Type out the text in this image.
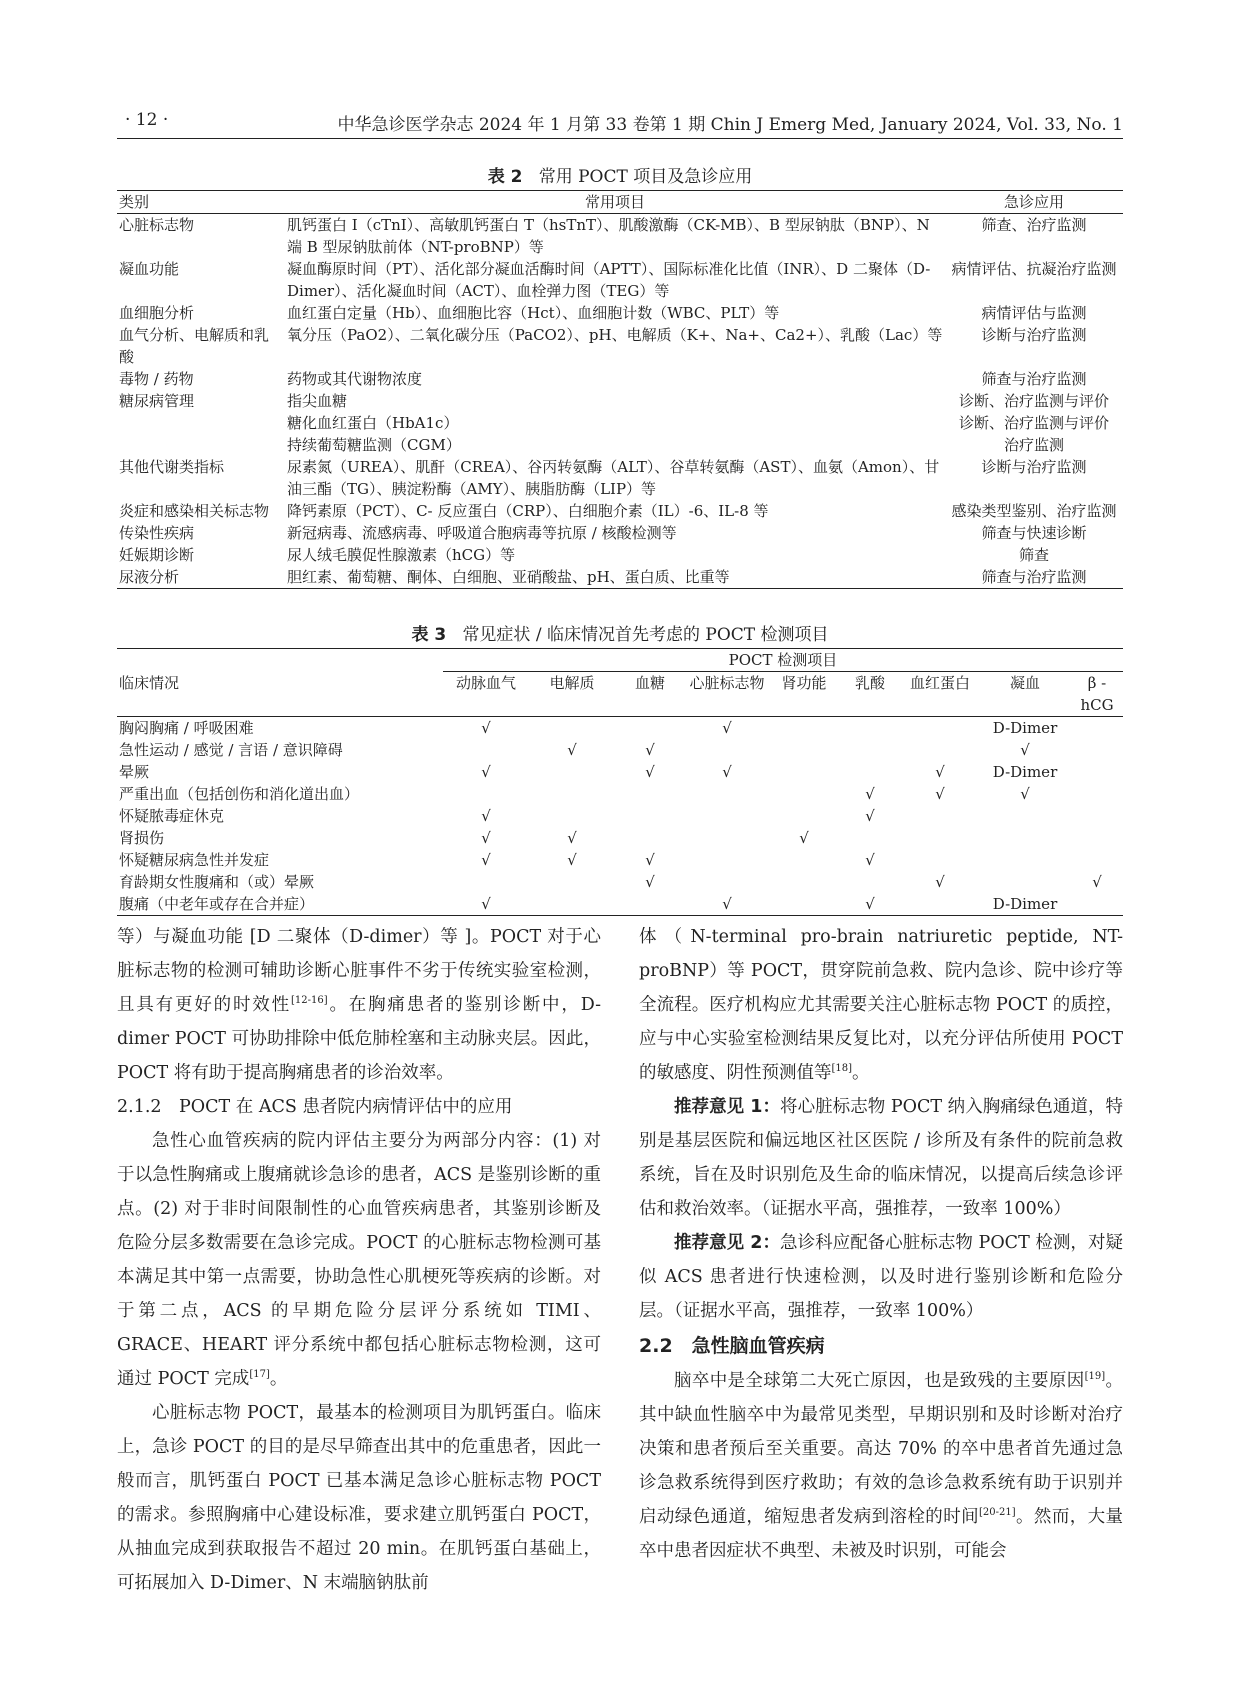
· 12 ·	中华急诊医学杂志 2024 年 1 月第 33 卷第 1 期 Chin J Emerg Med, January 2024, Vol. 33, No. 1
表 2 常用 POCT 项目及急诊应用
类别	常用项目	急诊应用
心脏标志物	肌钙蛋白 I（cTnI）、高敏肌钙蛋白 T（hsTnT）、肌酸激酶（CK-MB）、B 型尿钠肽（BNP）、N 端 B 型尿钠肽前体（NT-proBNP）等	筛查、治疗监测
凝血功能	凝血酶原时间（PT）、活化部分凝血活酶时间（APTT）、国际标准化比值（INR）、D 二聚体（D-Dimer）、活化凝血时间（ACT）、血栓弹力图（TEG）等	病情评估、抗凝治疗监测
血细胞分析	血红蛋白定量（Hb）、血细胞比容（Hct）、血细胞计数（WBC、PLT）等	病情评估与监测
血气分析、电解质和乳酸	氧分压（PaO2）、二氧化碳分压（PaCO2）、pH、电解质（K+、Na+、Ca2+）、乳酸（Lac）等	诊断与治疗监测
毒物 / 药物	药物或其代谢物浓度	筛查与治疗监测
糖尿病管理	指尖血糖	诊断、治疗监测与评价
	糖化血红蛋白（HbA1c）	诊断、治疗监测与评价
	持续葡萄糖监测（CGM）	治疗监测
其他代谢类指标	尿素氮（UREA）、肌酐（CREA）、谷丙转氨酶（ALT）、谷草转氨酶（AST）、血氨（Amon）、甘油三酯（TG）、胰淀粉酶（AMY）、胰脂肪酶（LIP）等	诊断与治疗监测
炎症和感染相关标志物	降钙素原（PCT）、C- 反应蛋白（CRP）、白细胞介素（IL）-6、IL-8 等	感染类型鉴别、治疗监测
传染性疾病	新冠病毒、流感病毒、呼吸道合胞病毒等抗原 / 核酸检测等	筛查与快速诊断
妊娠期诊断	尿人绒毛膜促性腺激素（hCG）等	筛查
尿液分析	胆红素、葡萄糖、酮体、白细胞、亚硝酸盐、pH、蛋白质、比重等	筛查与治疗监测
表 3 常见症状 / 临床情况首先考虑的 POCT 检测项目
临床情况	POCT 检测项目								
	动脉血气	电解质	血糖	心脏标志物	肾功能	乳酸	血红蛋白	凝血	β -hCG
胸闷胸痛 / 呼吸困难	√			√				D-Dimer	
急性运动 / 感觉 / 言语 / 意识障碍		√	√					√	
晕厥	√		√	√			√	D-Dimer	
严重出血（包括创伤和消化道出血）						√	√	√	
怀疑脓毒症休克	√					√			
肾损伤	√	√			√				
怀疑糖尿病急性并发症	√	√	√			√			
育龄期女性腹痛和（或）晕厥			√				√		√
腹痛（中老年或存在合并症）	√			√		√		D-Dimer	

等）与凝血功能 [D 二聚体（D-dimer）等 ]。POCT 对于心脏标志物的检测可辅助诊断心脏事件不劣于传统实验室检测，且具有更好的时效性[12-16]。在胸痛患者的鉴别诊断中，D-dimer POCT 可协助排除中低危肺栓塞和主动脉夹层。因此，POCT 将有助于提高胸痛患者的诊治效率。

2.1.2　POCT 在 ACS 患者院内病情评估中的应用

急性心血管疾病的院内评估主要分为两部分内容：(1) 对于以急性胸痛或上腹痛就诊急诊的患者，ACS 是鉴别诊断的重点。(2) 对于非时间限制性的心血管疾病患者，其鉴别诊断及危险分层多数需要在急诊完成。POCT 的心脏标志物检测可基本满足其中第一点需要，协助急性心肌梗死等疾病的诊断。对于第二点，ACS 的早期危险分层评分系统如 TIMI、GRACE、HEART 评分系统中都包括心脏标志物检测，这可通过 POCT 完成[17]。

心脏标志物 POCT，最基本的检测项目为肌钙蛋白。临床上，急诊 POCT 的目的是尽早筛查出其中的危重患者，因此一般而言，肌钙蛋白 POCT 已基本满足急诊心脏标志物 POCT 的需求。参照胸痛中心建设标准，要求建立肌钙蛋白 POCT，从抽血完成到获取报告不超过 20 min。在肌钙蛋白基础上，可拓展加入 D-Dimer、N 末端脑钠肽前

体（N-terminal pro-brain natriuretic peptide, NT-proBNP）等 POCT，贯穿院前急救、院内急诊、院中诊疗等全流程。医疗机构应尤其需要关注心脏标志物 POCT 的质控，应与中心实验室检测结果反复比对，以充分评估所使用 POCT 的敏感度、阴性预测值等[18]。

推荐意见 1：将心脏标志物 POCT 纳入胸痛绿色通道，特别是基层医院和偏远地区社区医院 / 诊所及有条件的院前急救系统，旨在及时识别危及生命的临床情况，以提高后续急诊评估和救治效率。（证据水平高，强推荐，一致率 100%）

推荐意见 2：急诊科应配备心脏标志物 POCT 检测，对疑似 ACS 患者进行快速检测，以及时进行鉴别诊断和危险分层。（证据水平高，强推荐，一致率 100%）

2.2　急性脑血管疾病

脑卒中是全球第二大死亡原因，也是致残的主要原因[19]。其中缺血性脑卒中为最常见类型，早期识别和及时诊断对治疗决策和患者预后至关重要。高达 70% 的卒中患者首先通过急诊急救系统得到医疗救助；有效的急诊急救系统有助于识别并启动绿色通道，缩短患者发病到溶栓的时间[20-21]。然而，大量卒中患者因症状不典型、未被及时识别，可能会
